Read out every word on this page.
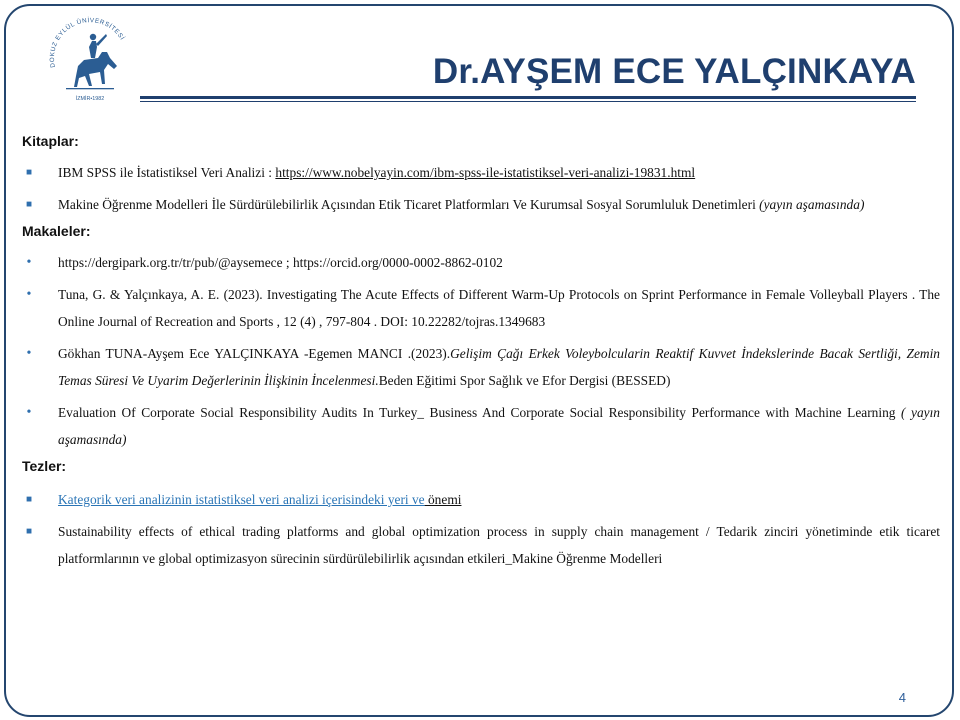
DOKUZ EYLÜL ÜNİVERSİTESİ
İZMİR•1982
Dr.AYŞEM ECE YALÇINKAYA
Kitaplar:
■ IBM SPSS ile İstatistiksel Veri Analizi : https://www.nobelyayin.com/ibm-spss-ile-istatistiksel-veri-analizi-19831.html
■ Makine Öğrenme Modelleri İle Sürdürülebilirlik Açısından Etik Ticaret Platformları Ve Kurumsal Sosyal Sorumluluk Denetimleri (yayın aşamasında)
Makaleler:
•	https://dergipark.org.tr/tr/pub/@aysemece ; https://orcid.org/0000-0002-8862-0102
•	Tuna, G. & Yalçınkaya, A. E. (2023). Investigating The Acute Effects of Different Warm-Up Protocols on Sprint Performance in Female Volleyball Players . The Online Journal of Recreation and Sports , 12 (4) , 797-804 . DOI: 10.22282/tojras.1349683
•	Gökhan TUNA-Ayşem Ece YALÇINKAYA -Egemen MANCI .(2023).Gelişim Çağı Erkek Voleybolcularin Reaktif Kuvvet İndekslerinde Bacak Sertliği, Zemin Temas Süresi Ve Uyarim Değerlerinin İlişkinin İncelenmesi.Beden Eğitimi Spor Sağlık ve Efor Dergisi (BESSED)
•	Evaluation Of Corporate Social Responsibility Audits In Turkey_ Business And Corporate Social Responsibility Performance with Machine Learning ( yayın aşamasında)
Tezler:
■ Kategorik veri analizinin istatistiksel veri analizi içerisindeki yeri ve önemi
■ Sustainability effects of ethical trading platforms and global optimization process in supply chain management / Tedarik zinciri yönetiminde etik ticaret platformlarının ve global optimizasyon sürecinin sürdürülebilirlik açısından etkileri_Makine Öğrenme Modelleri
4
